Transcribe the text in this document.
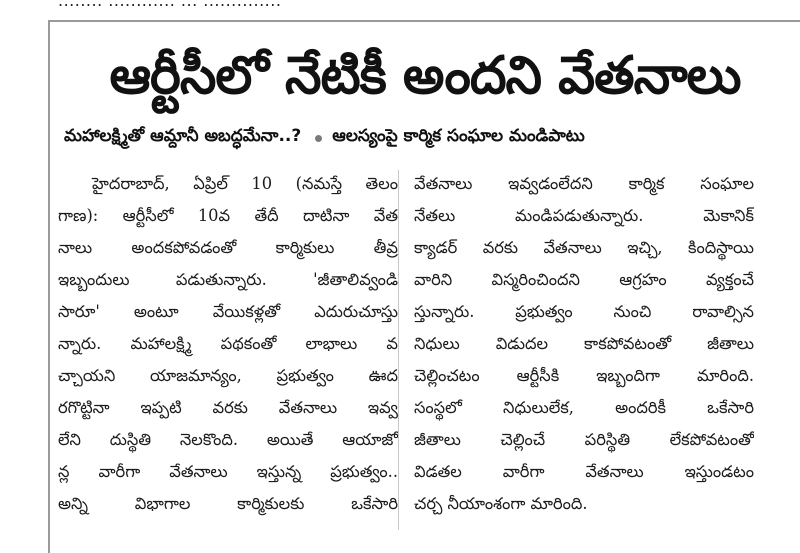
........ ............ ... ..............
ఆర్టీసీలో నేటికీ అందని వేతనాలు
మహాలక్ష్మితో ఆమ్దానీ అబద్ధమేనా..? ఆలస్యంపై కార్మిక సంఘాల మండిపాటు
హైదరాబాద్, ఏప్రిల్ 10 (నమస్తే తెలం
గాణ): ఆర్టీసీలో 10వ తేదీ దాటినా వేత
నాలు అందకపోవడంతో కార్మికులు తీవ్ర
ఇబ్బందులు పడుతున్నారు. 'జీతాలివ్వండి
సారూ' అంటూ వేయికళ్లతో ఎదురుచూస్తు
న్నారు. మహాలక్ష్మి పథకంతో లాభాలు వ
చ్చాయని యాజమాన్యం, ప్రభుత్వం ఊద
రగొట్టినా ఇప్పటి వరకు వేతనాలు ఇవ్వ
లేని దుస్థితి నెలకొంది. అయితే ఆయాజో
న్ల వారీగా వేతనాలు ఇస్తున్న ప్రభుత్వం..
అన్ని విభాగాల కార్మికులకు ఒకేసారి
వేతనాలు ఇవ్వడంలేదని కార్మిక సంఘాల
నేతలు మండిపడుతున్నారు. మెకానిక్
క్యాడర్ వరకు వేతనాలు ఇచ్చి, కిందిస్థాయి
వారిని విస్మరించిందని ఆగ్రహం వ్యక్తంచే
స్తున్నారు. ప్రభుత్వం నుంచి రావాల్సిన
నిధులు విడుదల కాకపోవటంతో జీతాలు
చెల్లించటం ఆర్టీసీకి ఇబ్బందిగా మారింది.
సంస్థలో నిధులులేక, అందరికీ ఒకేసారి
జీతాలు చెల్లించే పరిస్థితి లేకపోవటంతో
విడతల వారీగా వేతనాలు ఇస్తుండటం
చర్చ నీయాంశంగా మారింది.
